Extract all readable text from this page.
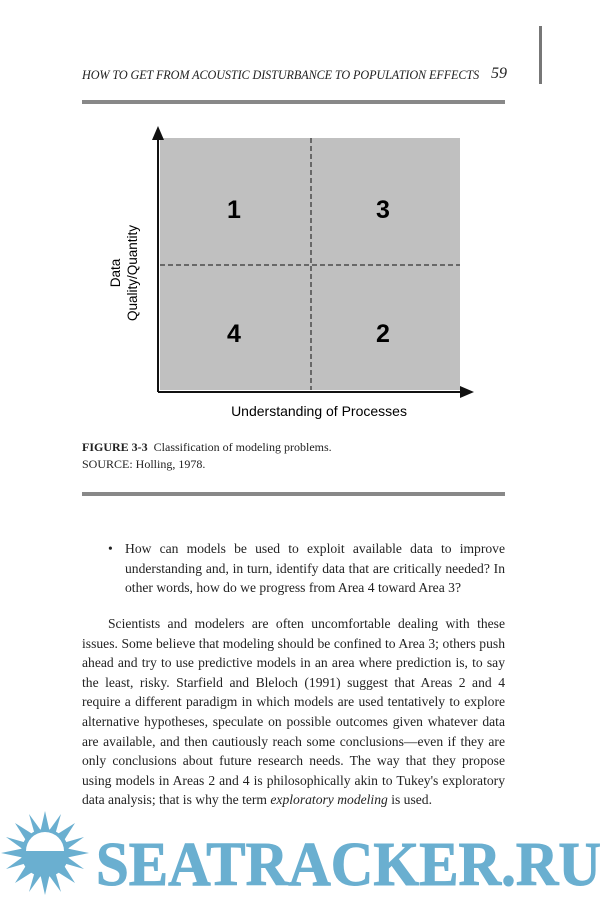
HOW TO GET FROM ACOUSTIC DISTURBANCE TO POPULATION EFFECTS 59
1	3
4	2
Data Quality/Quantity
Understanding of Processes
FIGURE 3-3 Classification of modeling problems.
SOURCE: Holling, 1978.
• How can models be used to exploit available data to improve understanding and, in turn, identify data that are critically needed? In other words, how do we progress from Area 4 toward Area 3?
Scientists and modelers are often uncomfortable dealing with these issues. Some believe that modeling should be confined to Area 3; others push ahead and try to use predictive models in an area where prediction is, to say the least, risky. Starfield and Bleloch (1991) suggest that Areas 2 and 4 require a different paradigm in which models are used tentatively to explore alternative hypotheses, speculate on possible outcomes given whatever data are available, and then cautiously reach some conclusions—even if they are only conclusions about future research needs. The way that they propose using models in Areas 2 and 4 is philosophically akin to Tukey's exploratory data analysis; that is why the term exploratory modeling is used.
SEATRACKER.RU
